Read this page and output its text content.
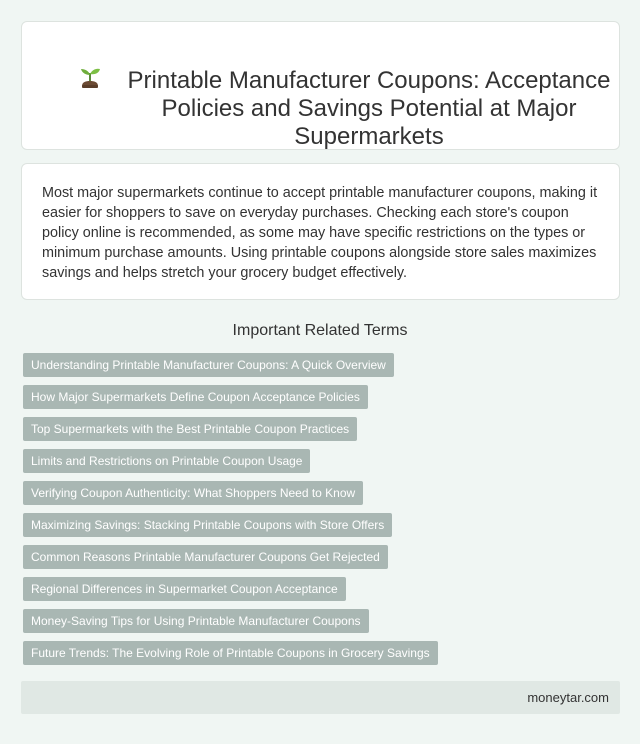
Printable Manufacturer Coupons: Acceptance Policies and Savings Potential at Major Supermarkets

Most major supermarkets continue to accept printable manufacturer coupons, making it easier for shoppers to save on everyday purchases. Checking each store's coupon policy online is recommended, as some may have specific restrictions on the types or minimum purchase amounts. Using printable coupons alongside store sales maximizes savings and helps stretch your grocery budget effectively.

Important Related Terms
Understanding Printable Manufacturer Coupons: A Quick Overview
How Major Supermarkets Define Coupon Acceptance Policies
Top Supermarkets with the Best Printable Coupon Practices
Limits and Restrictions on Printable Coupon Usage
Verifying Coupon Authenticity: What Shoppers Need to Know
Maximizing Savings: Stacking Printable Coupons with Store Offers
Common Reasons Printable Manufacturer Coupons Get Rejected
Regional Differences in Supermarket Coupon Acceptance
Money-Saving Tips for Using Printable Manufacturer Coupons
Future Trends: The Evolving Role of Printable Coupons in Grocery Savings
moneytar.com
